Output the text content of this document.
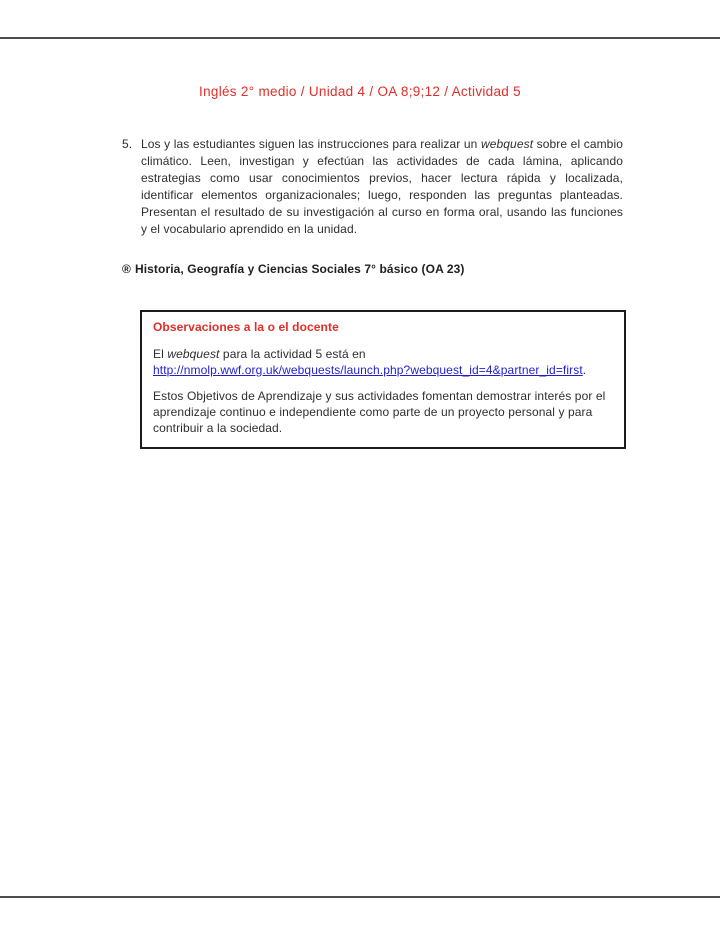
Inglés 2° medio / Unidad 4 / OA 8;9;12 / Actividad 5
5. Los y las estudiantes siguen las instrucciones para realizar un webquest sobre el cambio climático. Leen, investigan y efectúan las actividades de cada lámina, aplicando estrategias como usar conocimientos previos, hacer lectura rápida y localizada, identificar elementos organizacionales; luego, responden las preguntas planteadas. Presentan el resultado de su investigación al curso en forma oral, usando las funciones y el vocabulario aprendido en la unidad.

® Historia, Geografía y Ciencias Sociales 7° básico (OA 23)

Observaciones a la o el docente

El webquest para la actividad 5 está en
http://nmolp.wwf.org.uk/webquests/launch.php?webquest_id=4&partner_id=first.

Estos Objetivos de Aprendizaje y sus actividades fomentan demostrar interés por el aprendizaje continuo e independiente como parte de un proyecto personal y para contribuir a la sociedad.
